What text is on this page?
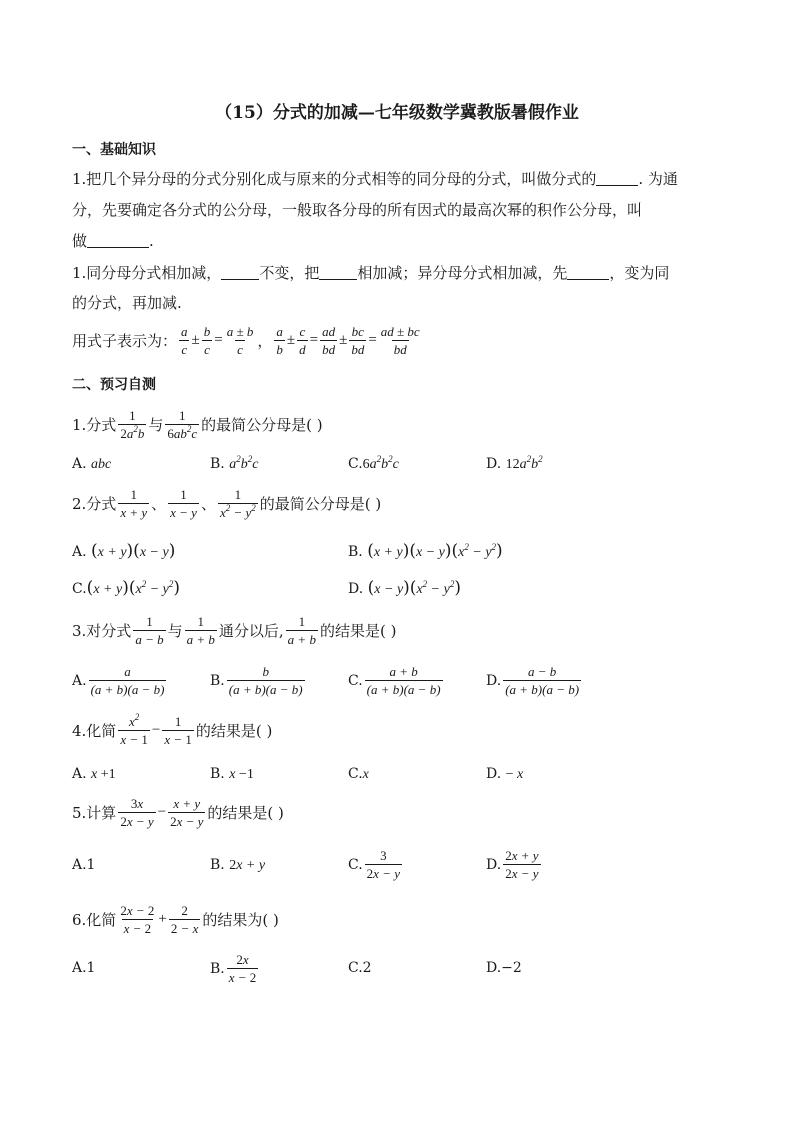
（15）分式的加减—七年级数学冀教版暑假作业
一、基础知识
1.把几个异分母的分式分别化成与原来的分式相等的同分母的分式，叫做分式的	. 为通
分，先要确定各分式的公分母，一般取各分母的所有因式的最高次幂的积作公分母，叫
做	.
1.同分母分式相加减，	不变，把	相加减；异分母分式相加减，先	，变为同
的分式，再加减.
用式子表示为： $\frac{a}{c} \pm \frac{b}{c} = \frac{a \pm b}{c}$ ， $\frac{a}{b} \pm \frac{c}{d} = \frac{ad}{bd} \pm \frac{bc}{bd} = \frac{ad \pm bc}{bd}$
二、预习自测
1.分式 $\frac{1}{2a^2b}$ 与 $\frac{1}{6ab^2c}$ 的最简公分母是( )
A. abc	B. $a^2b^2c$	$C.6a^2b^2c$	D. $12a^2b^2$
2.分式 $\frac{1}{x + y}$ 、 $\frac{1}{x - y}$ 、 $\frac{1}{x^2 - y^2}$ 的最简公分母是( )
A. (x + y)(x − y)	B. $(x + y)(x - y)(x^2 - y^2)$
$C.(x + y)(x^2 - y^2)$	D. $(x - y)(x^2 - y^2)$
3.对分式 $\frac{1}{a - b}$ 与 $\frac{1}{a + b}$ 通分以后, $\frac{1}{a + b}$ 的结果是( )
A. $\frac{a}{(a + b)(a - b)}$	B. $\frac{b}{(a + b)(a - b)}$	C. $\frac{a + b}{(a + b)(a - b)}$	D. $\frac{a - b}{(a + b)(a - b)}$
4.化简 $\frac{x^2}{x - 1} - \frac{1}{x - 1}$ 的结果是( )
A. x +1	B. x −1	C.x	D. − x
5.计算 $\frac{3x}{2x - y} - \frac{x + y}{2x - y}$ 的结果是( )
A.1	B. 2x + y	C. $\frac{3}{2x - y}$	D. $\frac{2x + y}{2x - y}$
6.化简 $\frac{2x - 2}{x - 2} + \frac{2}{2 - x}$ 的结果为( )
A.1	B. $\frac{2x}{x - 2}$	C.2	D.−2
